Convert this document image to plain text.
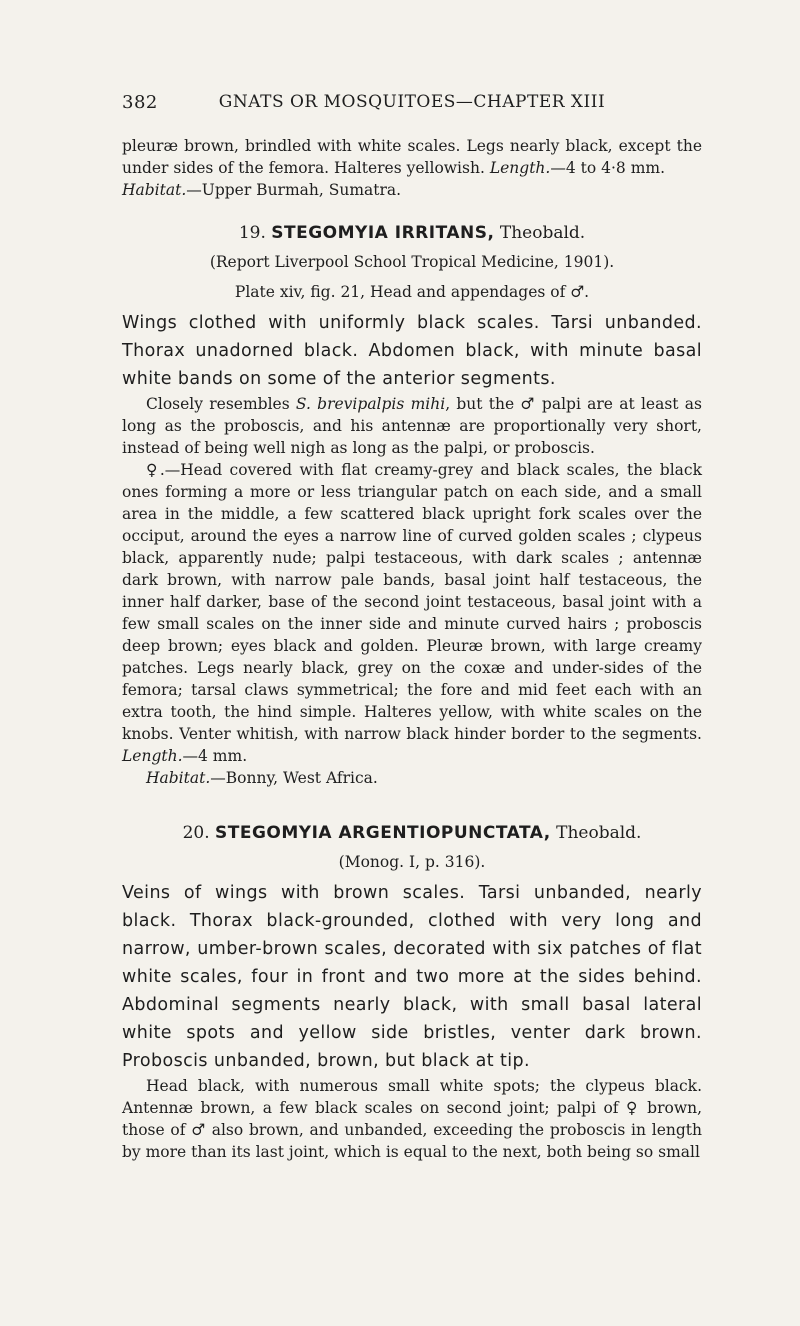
382	GNATS OR MOSQUITOES—CHAPTER XIII

pleuræ brown, brindled with white scales. Legs nearly black, except the under sides of the femora. Halteres yellowish. Length.—4 to 4·8 mm.

Habitat.—Upper Burmah, Sumatra.

19. STEGOMYIA IRRITANS, Theobald.

(Report Liverpool School Tropical Medicine, 1901).

Plate xiv, fig. 21, Head and appendages of ♂.

Wings clothed with uniformly black scales. Tarsi unbanded. Thorax unadorned black. Abdomen black, with minute basal white bands on some of the anterior segments.

Closely resembles S. brevipalpis mihi, but the ♂ palpi are at least as long as the proboscis, and his antennæ are proportionally very short, instead of being well nigh as long as the palpi, or proboscis.

♀.—Head covered with flat creamy-grey and black scales, the black ones forming a more or less triangular patch on each side, and a small area in the middle, a few scattered black upright fork scales over the occiput, around the eyes a narrow line of curved golden scales ; clypeus black, apparently nude; palpi testaceous, with dark scales ; antennæ dark brown, with narrow pale bands, basal joint half testaceous, the inner half darker, base of the second joint testaceous, basal joint with a few small scales on the inner side and minute curved hairs ; proboscis deep brown; eyes black and golden. Pleuræ brown, with large creamy patches. Legs nearly black, grey on the coxæ and under-sides of the femora; tarsal claws symmetrical; the fore and mid feet each with an extra tooth, the hind simple. Halteres yellow, with white scales on the knobs. Venter whitish, with narrow black hinder border to the segments. Length.—4 mm.

Habitat.—Bonny, West Africa.

20. STEGOMYIA ARGENTIOPUNCTATA, Theobald.

(Monog. I, p. 316).

Veins of wings with brown scales. Tarsi unbanded, nearly black. Thorax black-grounded, clothed with very long and narrow, umber-brown scales, decorated with six patches of flat white scales, four in front and two more at the sides behind. Abdominal segments nearly black, with small basal lateral white spots and yellow side bristles, venter dark brown. Proboscis unbanded, brown, but black at tip.

Head black, with numerous small white spots; the clypeus black. Antennæ brown, a few black scales on second joint; palpi of ♀ brown, those of ♂ also brown, and unbanded, exceeding the proboscis in length by more than its last joint, which is equal to the next, both being so small
